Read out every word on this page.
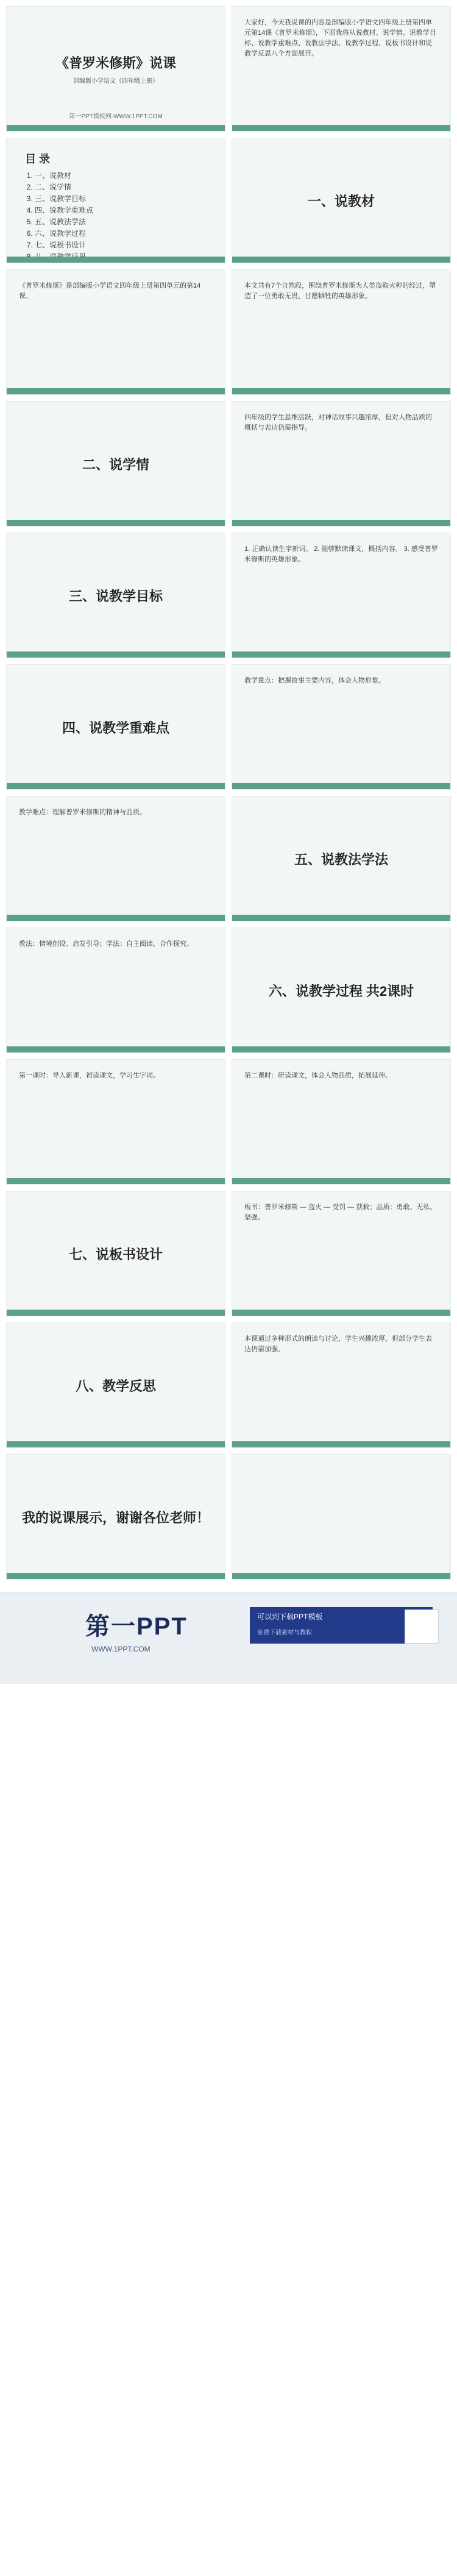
《普罗米修斯》说课
部编版小学语文（四年级上册）
第一PPT模板网-WWW.1PPT.COM
大家好，今天我说课的内容是部编版小学语文四年级上册第四单元第14课《普罗米修斯》，下面我将从说教材、说学情、说教学目标、说教学重难点、说教法学法、说教学过程、说板书设计和说教学反思八个方面展开。
目 录
1. 一、说教材
2. 二、说学情
3. 三、说教学目标
4. 四、说教学重难点
5. 五、说教法学法
6. 六、说教学过程
7. 七、说板书设计
8.
一、说教材
《普罗米修斯》是部编版小学语文四年级上册第四单元的第14课。
本文共有7个自然段，围绕普罗米修斯为人类盗取火种的经过，塑造了一位勇敢无畏、甘愿牺牲的英雄形象。
二、说学情
四年级的学生思维活跃，对神话故事兴趣浓厚，但对人物品质的概括与表达仍需指导。
三、说教学目标
1. 正确认读生字新词。 2. 能够默读课文，概括内容。 3. 感受普罗米修斯的英雄形象。
四、说教学重难点
教学重点：把握故事主要内容，体会人物形象。
教学难点：理解普罗米修斯的精神与品质。
五、说教法学法
教法：情境创设、启发引导；学法：自主阅读、合作探究。
六、说教学过程 共2课时
第一课时：导入新课，初读课文，学习生字词。	第二课时：研读课文，体会人物品质，拓展延伸。
七、说板书设计
板书：普罗米修斯 — 盗火 — 受罚 — 获救；品质：勇敢、无私、坚强。
八、教学反思
本课通过多种形式的朗读与讨论，学生兴趣浓厚，但部分学生表达仍需加强。
我的说课展示，谢谢各位老师！
第一PPT
WWW.1PPT.COM
可以到下载PPT模板
免费下载素材与教程
